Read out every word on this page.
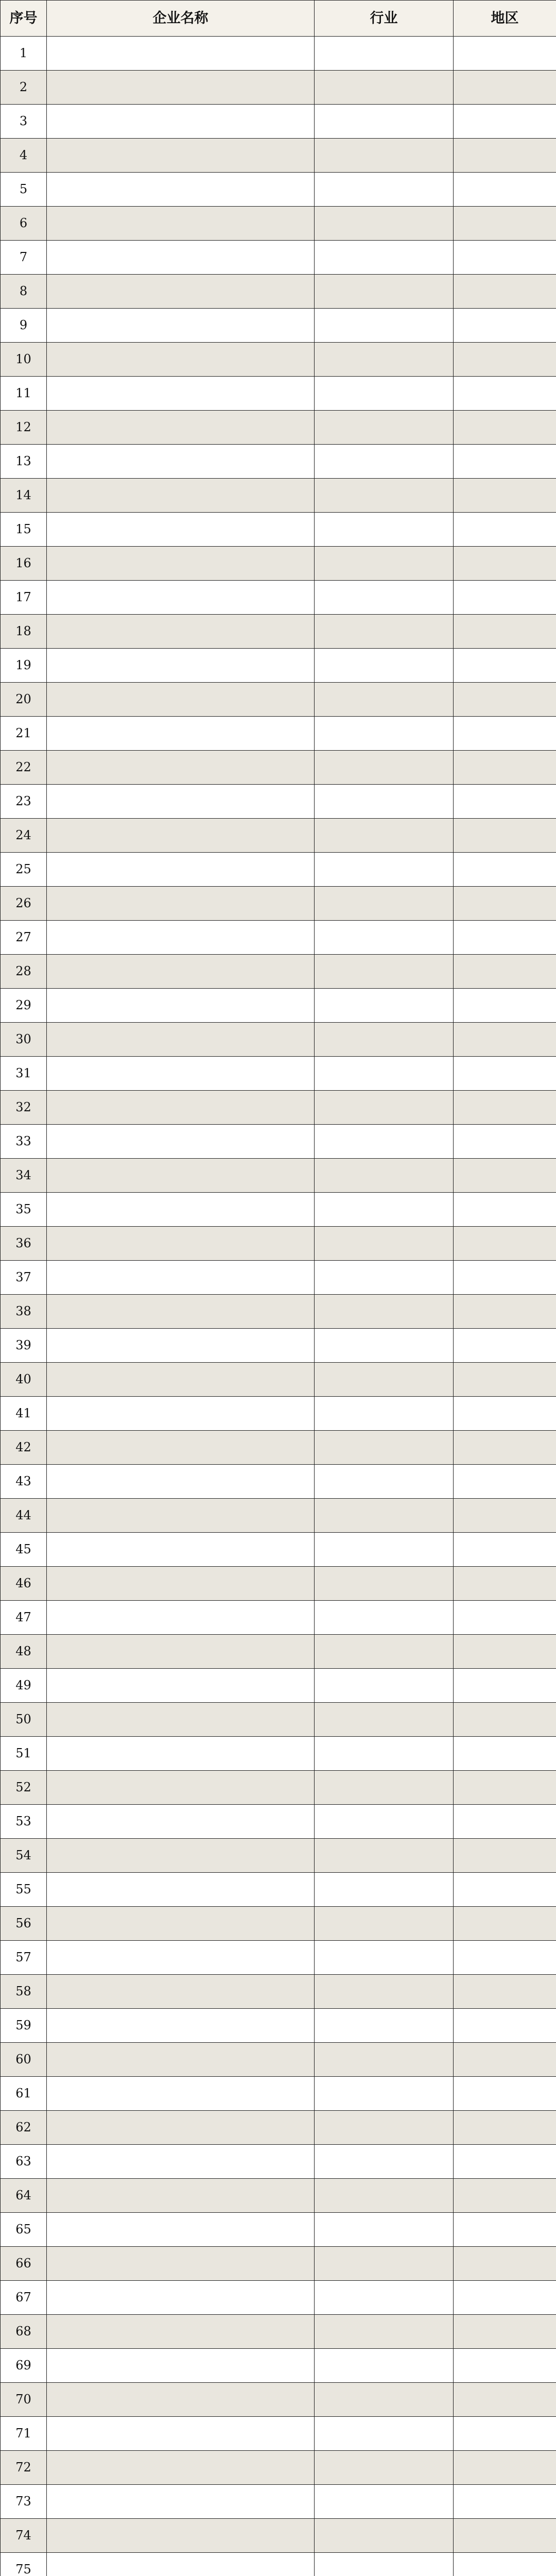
序号	企业名称	行业	地区
1			
2			
3			
4			
5			
6			
7			
8			
9			
10			
11			
12			
13			
14			
15			
16			
17			
18			
19			
20			
21			
22			
23			
24			
25			
26			
27			
28			
29			
30			
31			
32			
33			
34			
35			
36			
37			
38			
39			
40			
41			
42			
43			
44			
45			
46			
47			
48			
49			
50			
51			
52			
53			
54			
55			
56			
57			
58			
59			
60			
61			
62			
63			
64			
65			
66			
67			
68			
69			
70			
71			
72			
73			
74			
75			
